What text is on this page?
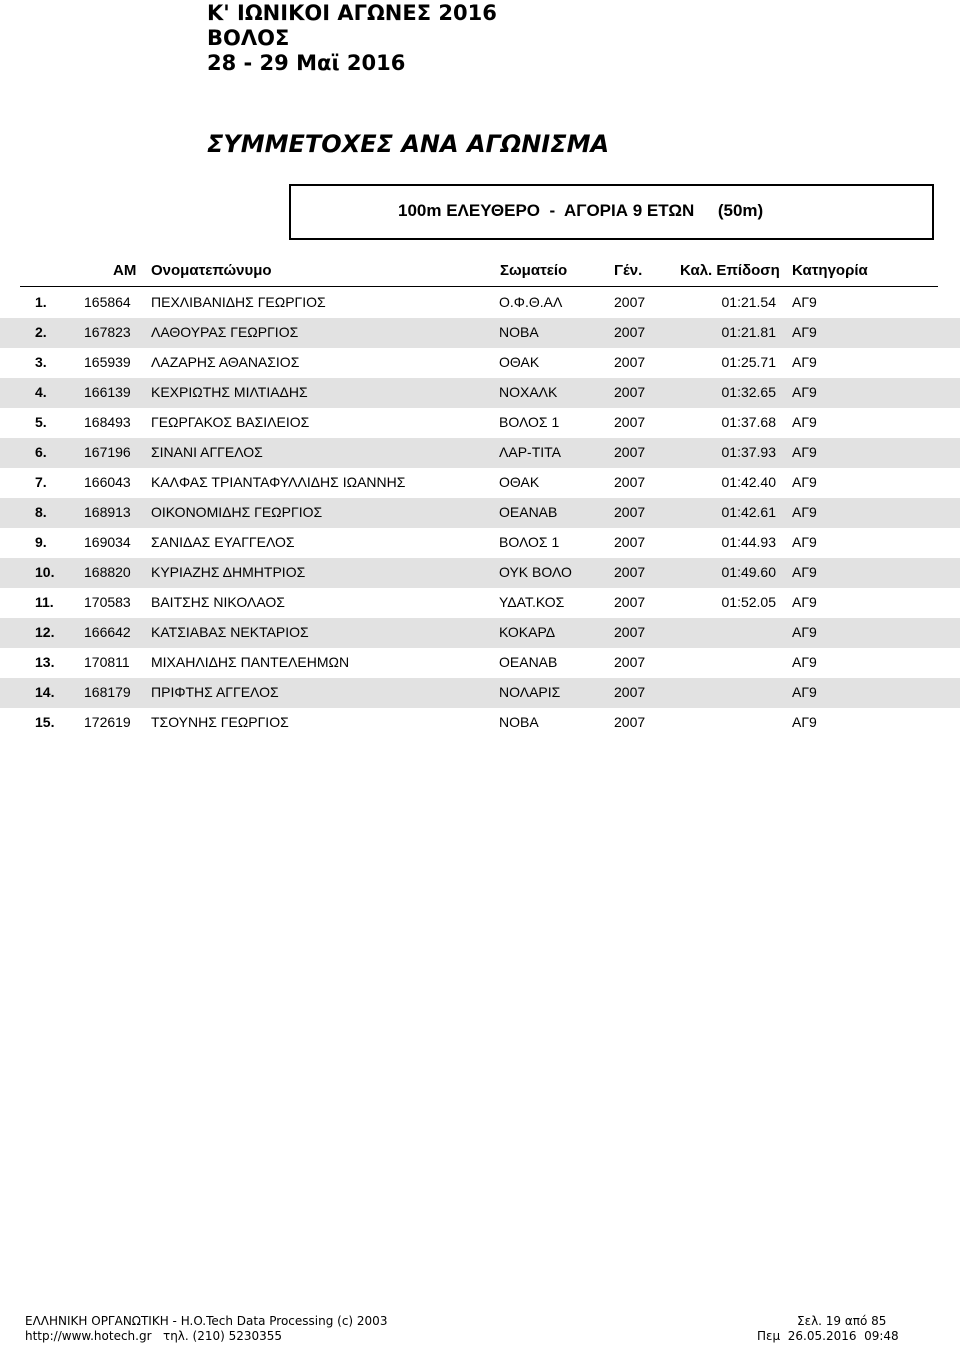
Κ' ΙΩΝΙΚΟΙ ΑΓΩΝΕΣ 2016
ΒΟΛΟΣ
28 - 29 Μαϊ 2016
ΣΥΜΜΕΤΟΧΕΣ ΑΝΑ ΑΓΩΝΙΣΜΑ
100m ΕΛΕΥΘΕΡΟ  -  ΑΓΟΡΙΑ 9 ΕΤΩΝ     (50m)
AM Ονοματεπώνυμο	Σωματείο	Γέν.	Καλ. Επίδοση Κατηγορία
1.	165864 ΠΕΧΛΙΒΑΝΙΔΗΣ ΓΕΩΡΓΙΟΣ	Ο.Φ.Θ.ΑΛ	2007	01:21.54 ΑΓ9
2.	167823 ΛΑΘΟΥΡΑΣ ΓΕΩΡΓΙΟΣ	ΝΟΒΑ	2007	01:21.81 ΑΓ9
3.	165939 ΛΑΖΑΡΗΣ ΑΘΑΝΑΣΙΟΣ	ΟΘΑΚ	2007	01:25.71 ΑΓ9
4.	166139 ΚΕΧΡΙΩΤΗΣ ΜΙΛΤΙΑΔΗΣ	ΝΟΧΑΛΚ	2007	01:32.65 ΑΓ9
5.	168493 ΓΕΩΡΓΑΚΟΣ ΒΑΣΙΛΕΙΟΣ	ΒΟΛΟΣ 1	2007	01:37.68 ΑΓ9
6.	167196 ΣΙΝΑΝΙ ΑΓΓΕΛΟΣ	ΛΑΡ-ΤΙΤΑ	2007	01:37.93 ΑΓ9
7.	166043 ΚΑΛΦΑΣ ΤΡΙΑΝΤΑΦΥΛΛΙΔΗΣ ΙΩΑΝΝΗΣ	ΟΘΑΚ	2007	01:42.40 ΑΓ9
8.	168913 ΟΙΚΟΝΟΜΙΔΗΣ ΓΕΩΡΓΙΟΣ	ΟΕΑΝΑΒ	2007	01:42.61 ΑΓ9
9.	169034 ΣΑΝΙΔΑΣ ΕΥΑΓΓΕΛΟΣ	ΒΟΛΟΣ 1	2007	01:44.93 ΑΓ9
10. 168820 ΚΥΡΙΑΖΗΣ ΔΗΜΗΤΡΙΟΣ	ΟΥΚ ΒΟΛΟ	2007	01:49.60 ΑΓ9
11. 170583 ΒΑΙΤΣΗΣ ΝΙΚΟΛΑΟΣ	ΥΔΑΤ.ΚΟΣ	2007	01:52.05 ΑΓ9
12. 166642 ΚΑΤΣΙΑΒΑΣ ΝΕΚΤΑΡΙΟΣ	ΚΟΚΑΡΔ	2007	ΑΓ9
13. 170811 ΜΙΧΑΗΛΙΔΗΣ ΠΑΝΤΕΛΕΗΜΩΝ	ΟΕΑΝΑΒ	2007	ΑΓ9
14. 168179 ΠΡΙΦΤΗΣ ΑΓΓΕΛΟΣ	ΝΟΛΑΡΙΣ	2007	ΑΓ9
15. 172619 ΤΣΟΥΝΗΣ ΓΕΩΡΓΙΟΣ	ΝΟΒΑ	2007	ΑΓ9
ΕΛΛΗΝΙΚΗ ΟΡΓΑΝΩΤΙΚΗ - H.O.Tech Data Processing (c) 2003
http://www.hotech.gr   τηλ. (210) 5230355
Σελ. 19 από 85
Πεμ  26.05.2016  09:48
